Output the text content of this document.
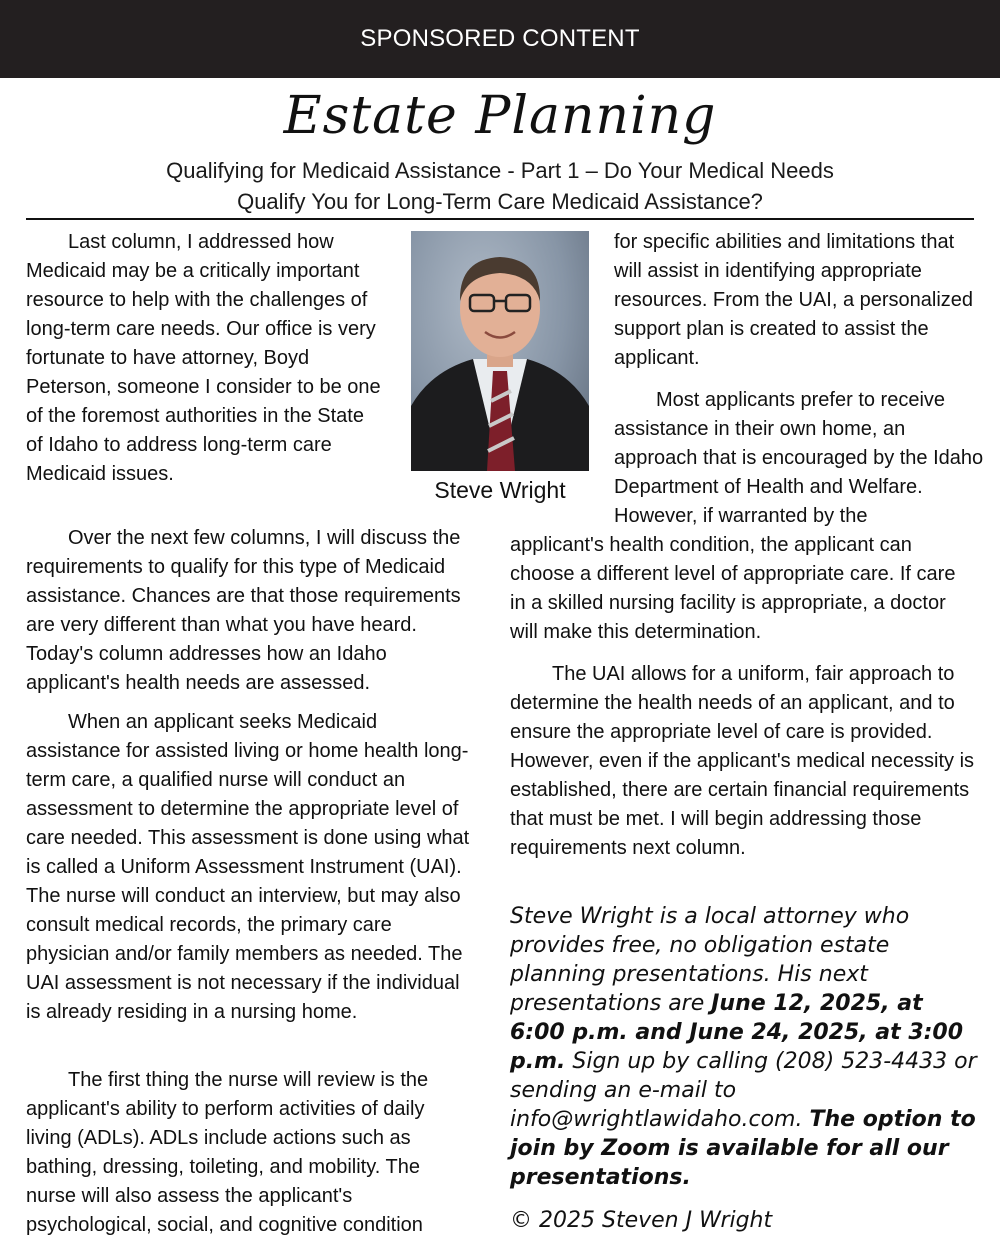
SPONSORED CONTENT
Estate Planning
Qualifying for Medicaid Assistance - Part 1 – Do Your Medical Needs
Qualify You for Long-Term Care Medicaid Assistance?

Last column, I addressed how Medicaid may be a critically important resource to help with the challenges of long-term care needs. Our office is very fortunate to have attorney, Boyd Peterson, someone I consider to be one of the foremost authorities in the State of Idaho to address long-term care Medicaid issues.

Over the next few columns, I will discuss the requirements to qualify for this type of Medicaid assistance. Chances are that those requirements are very different than what you have heard. Today's column addresses how an Idaho applicant's health needs are assessed.

When an applicant seeks Medicaid assistance for assisted living or home health long-term care, a qualified nurse will conduct an assessment to determine the appropriate level of care needed. This assessment is done using what is called a Uniform Assessment Instrument (UAI). The nurse will conduct an interview, but may also consult medical records, the primary care physician and/or family members as needed. The UAI assessment is not necessary if the individual is already residing in a nursing home.

The first thing the nurse will review is the applicant's ability to perform activities of daily living (ADLs). ADLs include actions such as bathing, dressing, toileting, and mobility. The nurse will also assess the applicant's psychological, social, and cognitive condition

Steve Wright

for specific abilities and limitations that will assist in identifying appropriate resources. From the UAI, a personalized support plan is created to assist the applicant.

Most applicants prefer to receive assistance in their own home, an approach that is encouraged by the Idaho Department of Health and Welfare. However, if warranted by the

applicant's health condition, the applicant can choose a different level of appropriate care. If care in a skilled nursing facility is appropriate, a doctor will make this determination.

The UAI allows for a uniform, fair approach to determine the health needs of an applicant, and to ensure the appropriate level of care is provided. However, even if the applicant's medical necessity is established, there are certain financial requirements that must be met. I will begin addressing those requirements next column.

Steve Wright is a local attorney who provides free, no obligation estate planning presentations. His next presentations are June 12, 2025, at 6:00 p.m. and June 24, 2025, at 3:00 p.m. Sign up by calling (208) 523-4433 or sending an e-mail to info@wrightlawidaho.com. The option to join by Zoom is available for all our presentations.

© 2025 Steven J Wright
